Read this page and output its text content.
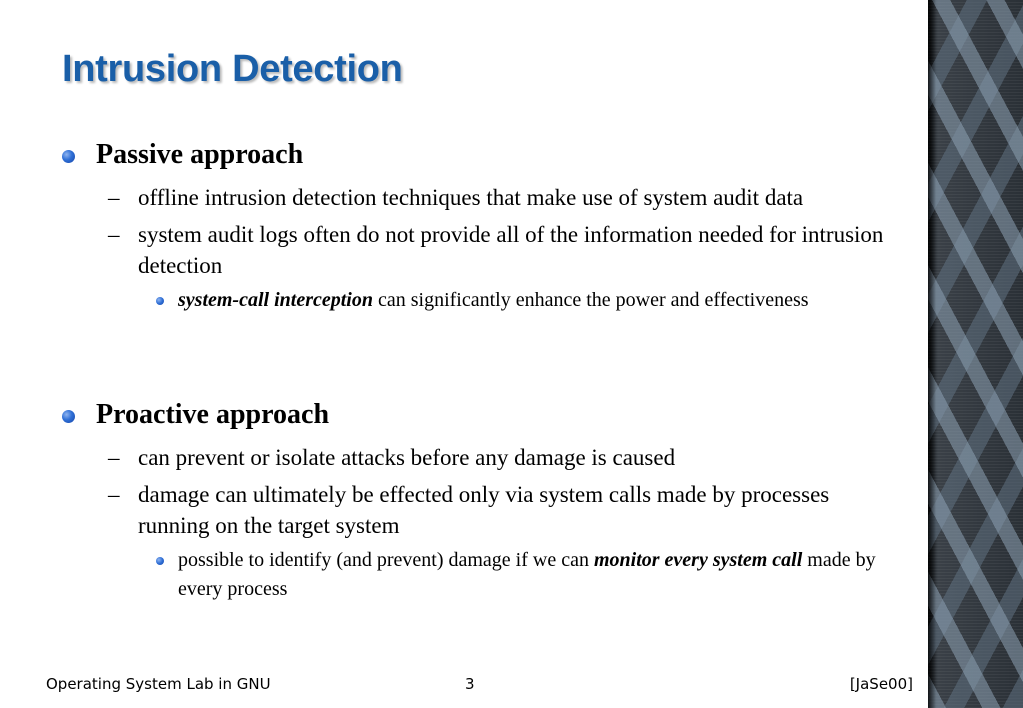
Intrusion Detection
Passive approach
– offline intrusion detection techniques that make use of system audit data
– system audit logs often do not provide all of the information needed for intrusion detection
system-call interception can significantly enhance the power and effectiveness
Proactive approach
– can prevent or isolate attacks before any damage is caused
– damage can ultimately be effected only via system calls made by processes running on the target system
possible to identify (and prevent) damage if we can monitor every system call made by every process
Operating System Lab in GNU	3	[JaSe00]
